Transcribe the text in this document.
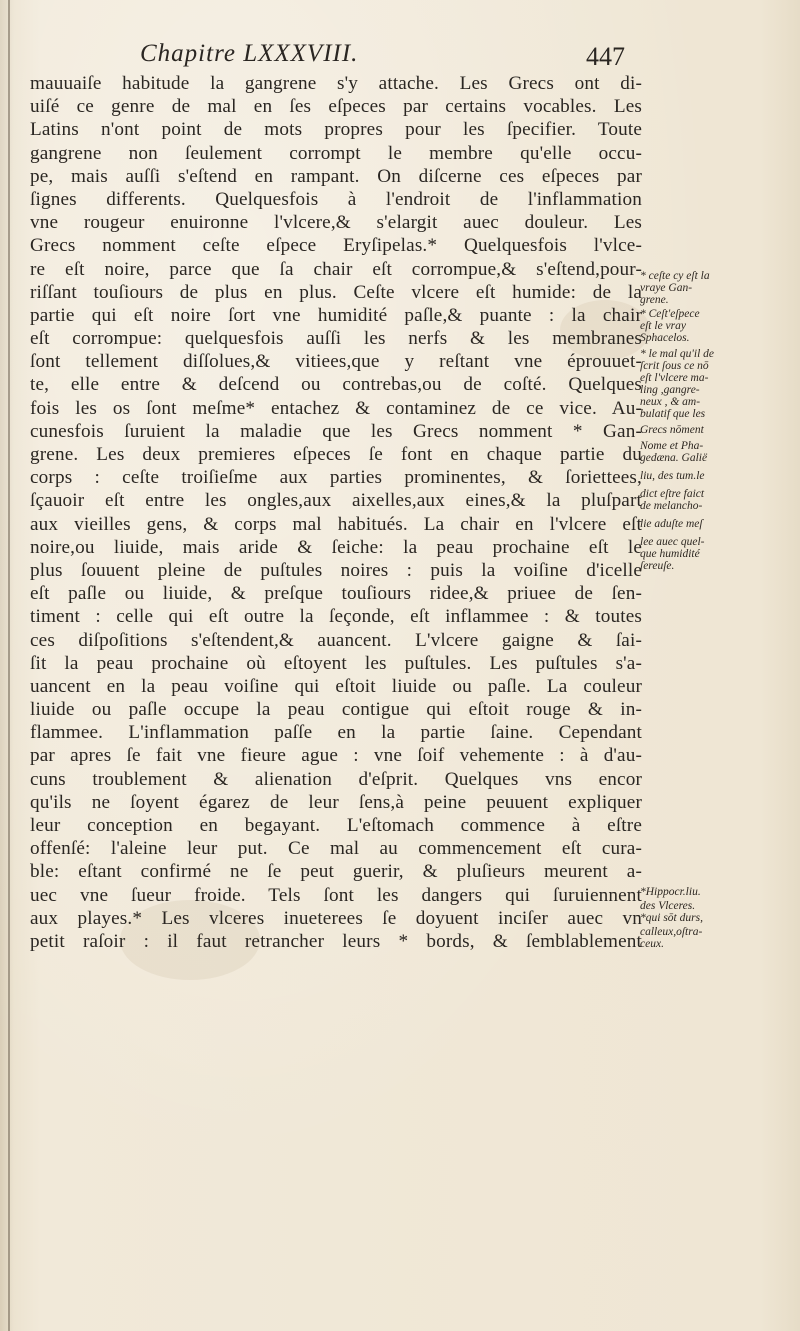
Chapitre LXXXVIII.	447
mauuaiſe habitude la gangrene s'y attache. Les Grecs ont di-
uiſé ce genre de mal en ſes eſpeces par certains vocables. Les
Latins n'ont point de mots propres pour les ſpecifier. Toute
gangrene non ſeulement corrompt le membre qu'elle occu-
pe, mais auſſi s'eſtend en rampant. On diſcerne ces eſpeces par
ſignes differents. Quelquesfois à l'endroit de l'inflammation
vne rougeur enuironne l'vlcere,& s'elargit auec douleur. Les
Grecs nomment ceſte eſpece Eryſipelas.* Quelquesfois l'vlce-
re eſt noire, parce que ſa chair eſt corrompue,& s'eſtend,pour-
riſſant touſiours de plus en plus. Ceſte vlcere eſt humide: de la
partie qui eſt noire ſort vne humidité paſle,& puante : la chair
eſt corrompue: quelquesfois auſſi les nerfs & les membranes
ſont tellement diſſolues,& vitiees,que y reſtant vne éprouuet-
te, elle entre & deſcend ou contrebas,ou de coſté. Quelques
fois les os ſont meſme* entachez & contaminez de ce vice. Au-
cunesfois ſuruient la maladie que les Grecs nomment * Gan-
grene. Les deux premieres eſpeces ſe font en chaque partie du
corps : ceſte troiſieſme aux parties prominentes, & ſoriettees,
ſçauoir eſt entre les ongles,aux aixelles,aux eines,& la pluſpart
aux vieilles gens, & corps mal habitués. La chair en l'vlcere eſt
noire,ou liuide, mais aride & ſeiche: la peau prochaine eſt le
plus ſouuent pleine de puſtules noires : puis la voiſine d'icelle
eſt paſle ou liuide, & preſque touſiours ridee,& priuee de ſen-
timent : celle qui eſt outre la ſeçonde, eſt inflammee : & toutes
ces diſpoſitions s'eſtendent,& auancent. L'vlcere gaigne & ſai-
ſit la peau prochaine où eſtoyent les puſtules. Les puſtules s'a-
uancent en la peau voiſine qui eſtoit liuide ou paſle. La couleur
liuide ou paſle occupe la peau contigue qui eſtoit rouge & in-
flammee. L'inflammation paſſe en la partie ſaine. Cependant
par apres ſe fait vne fieure ague : vne ſoif vehemente : à d'au-
cuns troublement & alienation d'eſprit. Quelques vns encor
qu'ils ne ſoyent égarez de leur ſens,à peine peuuent expliquer
leur conception en begayant. L'eſtomach commence à eſtre
offenſé: l'aleine leur put. Ce mal au commencement eſt cura-
ble: eſtant confirmé ne ſe peut guerir, & pluſieurs meurent a-
uec vne ſueur froide. Tels ſont les dangers qui ſuruiennent
aux playes.* Les vlceres inueterees ſe doyuent inciſer auec vn
petit raſoir : il faut retrancher leurs * bords, & ſemblablement
* ceſte cy eſt la
vraye Gan-
grene.
* Ceſt'eſpece
eſt le vray
Sphacelos.
* le mal qu'il de
ſcrit ſous ce nō
eſt l'vlcere ma-
ling ,gangre-
neux , & am-
bulatif que les
Grecs nōment
Nome et Pha-
gedæna. Galië
liu, des tum.le
dict eſtre faict
de melancho-
lie aduſte meſ
lee auec quel-
que humidité
ſereuſe.
*Hippocr.liu.
des Vlceres.
*qui sōt durs,
calleux,oſtra-
ceux.
